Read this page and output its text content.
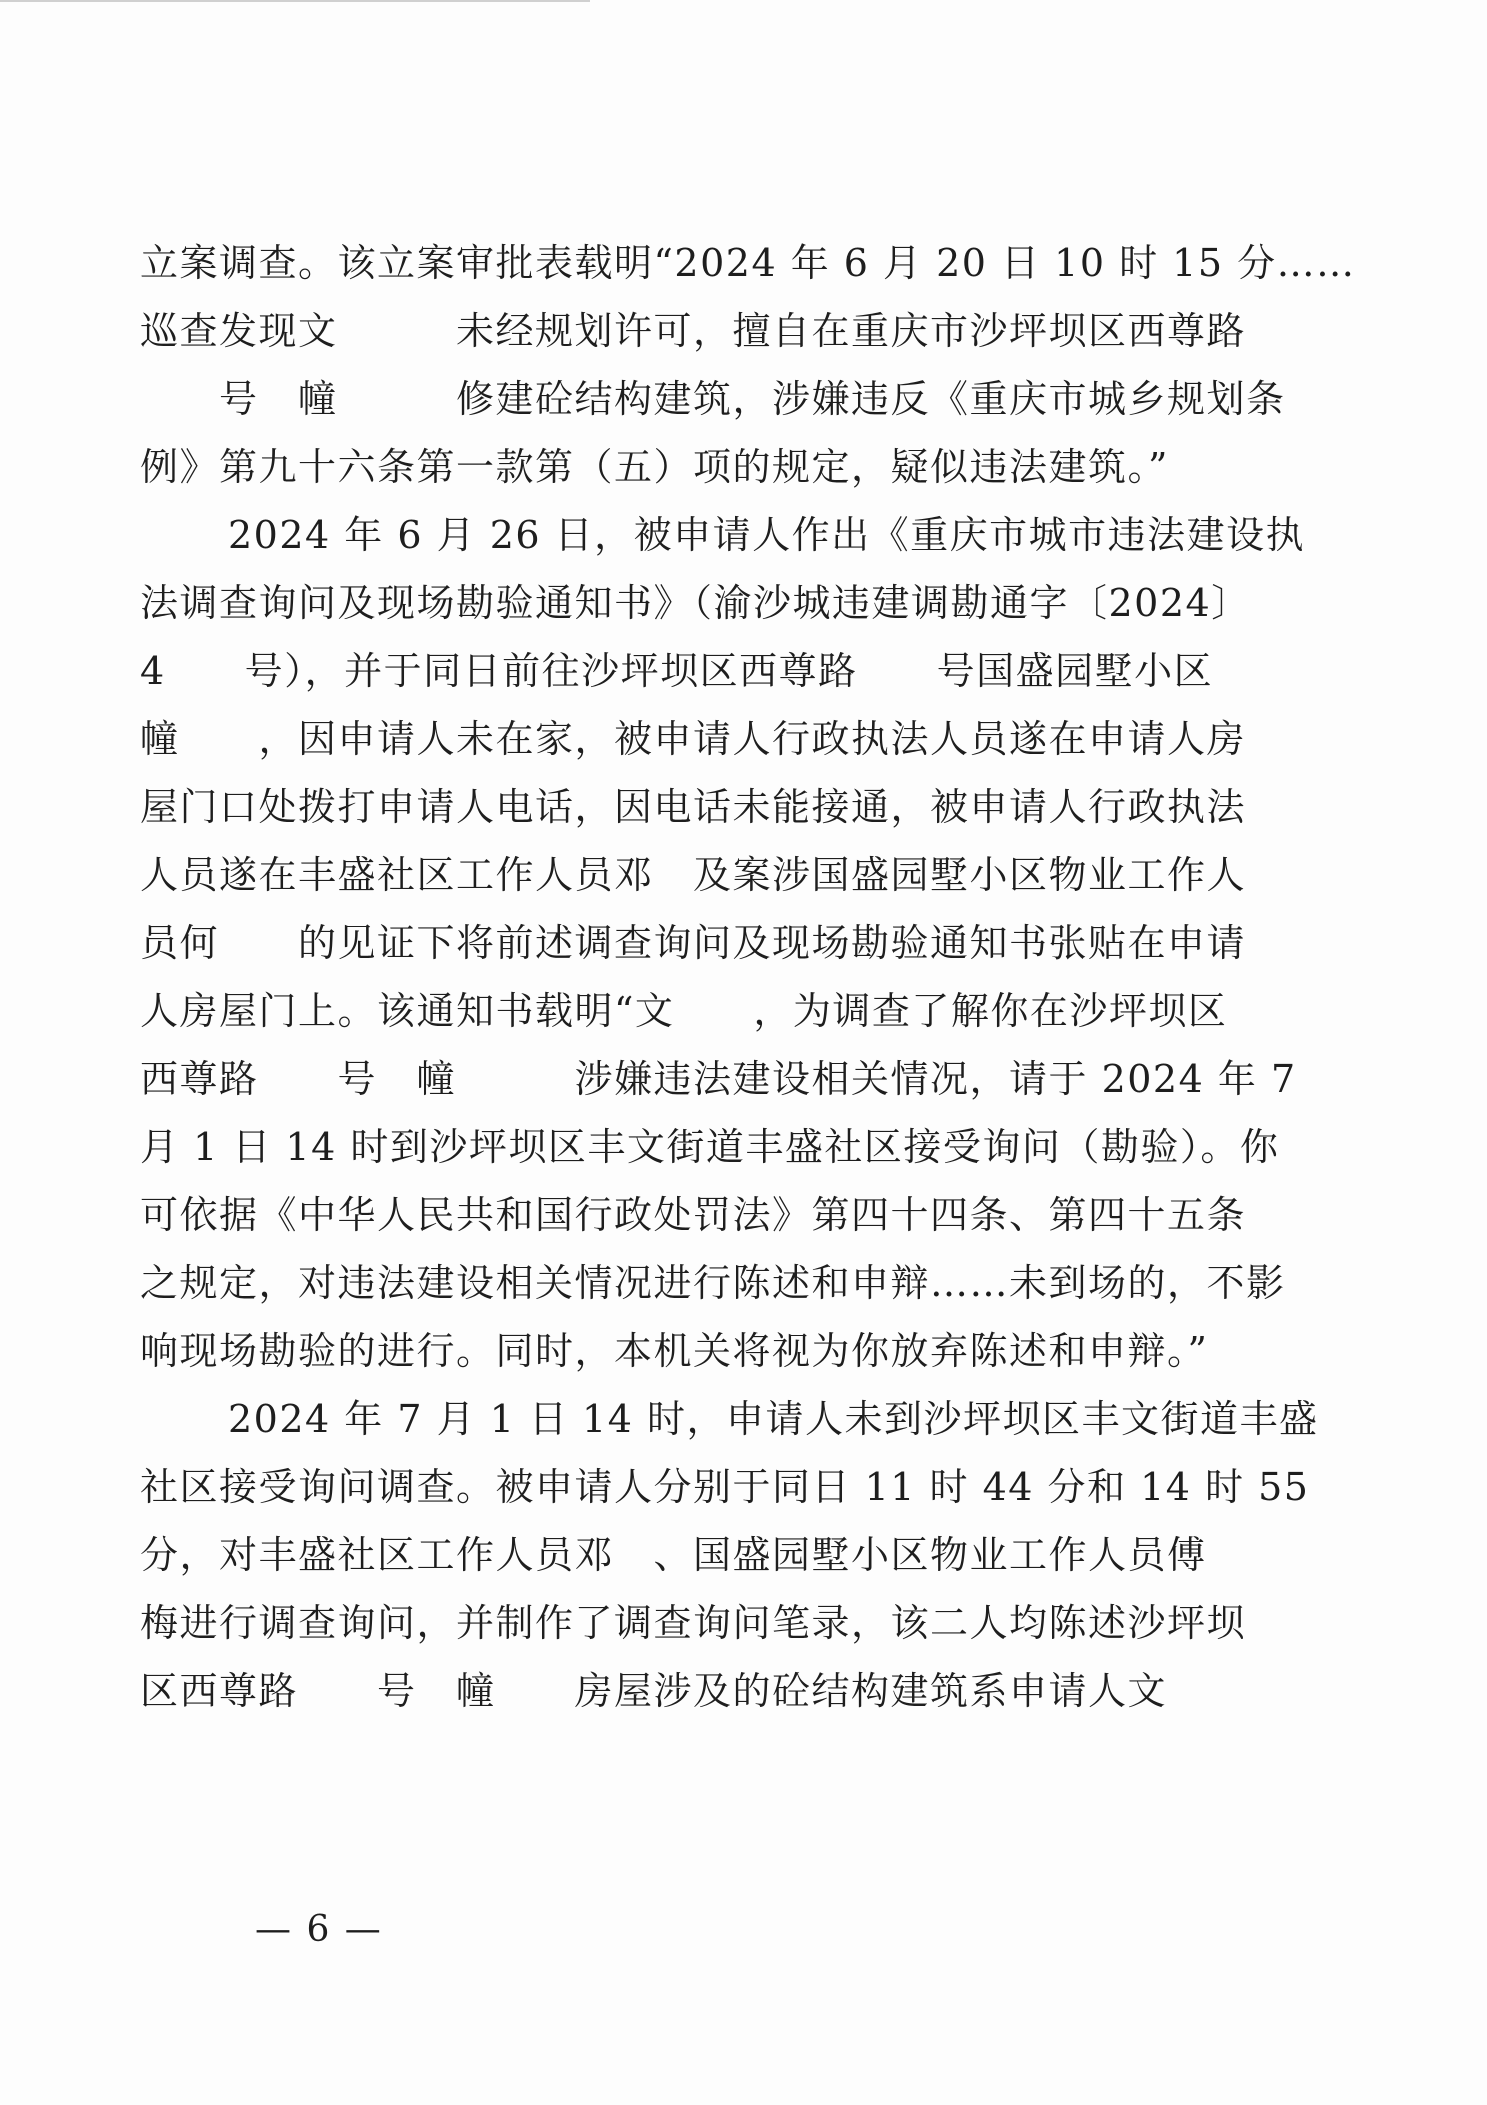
立案调查。该立案审批表载明“2024 年 6 月 20 日 10 时 15 分……
巡查发现文　　　未经规划许可，擅自在重庆市沙坪坝区西尊路
　　号　幢　　　修建砼结构建筑，涉嫌违反《重庆市城乡规划条
例》第九十六条第一款第（五）项的规定，疑似违法建筑。”
2024 年 6 月 26 日，被申请人作出《重庆市城市违法建设执
法调查询问及现场勘验通知书》（渝沙城违建调勘通字〔2024〕
4　　号），并于同日前往沙坪坝区西尊路　　号国盛园墅小区
幢　　，因申请人未在家，被申请人行政执法人员遂在申请人房
屋门口处拨打申请人电话，因电话未能接通，被申请人行政执法
人员遂在丰盛社区工作人员邓　及案涉国盛园墅小区物业工作人
员何　　的见证下将前述调查询问及现场勘验通知书张贴在申请
人房屋门上。该通知书载明“文　　，为调查了解你在沙坪坝区
西尊路　　号　幢　　　涉嫌违法建设相关情况，请于 2024 年 7
月 1 日 14 时到沙坪坝区丰文街道丰盛社区接受询问（勘验）。你
可依据《中华人民共和国行政处罚法》第四十四条、第四十五条
之规定，对违法建设相关情况进行陈述和申辩……未到场的，不影
响现场勘验的进行。同时，本机关将视为你放弃陈述和申辩。”
2024 年 7 月 1 日 14 时，申请人未到沙坪坝区丰文街道丰盛
社区接受询问调查。被申请人分别于同日 11 时 44 分和 14 时 55
分，对丰盛社区工作人员邓　、国盛园墅小区物业工作人员傅
梅进行调查询问，并制作了调查询问笔录，该二人均陈述沙坪坝
区西尊路　　号　幢　　房屋涉及的砼结构建筑系申请人文
— 6 —
